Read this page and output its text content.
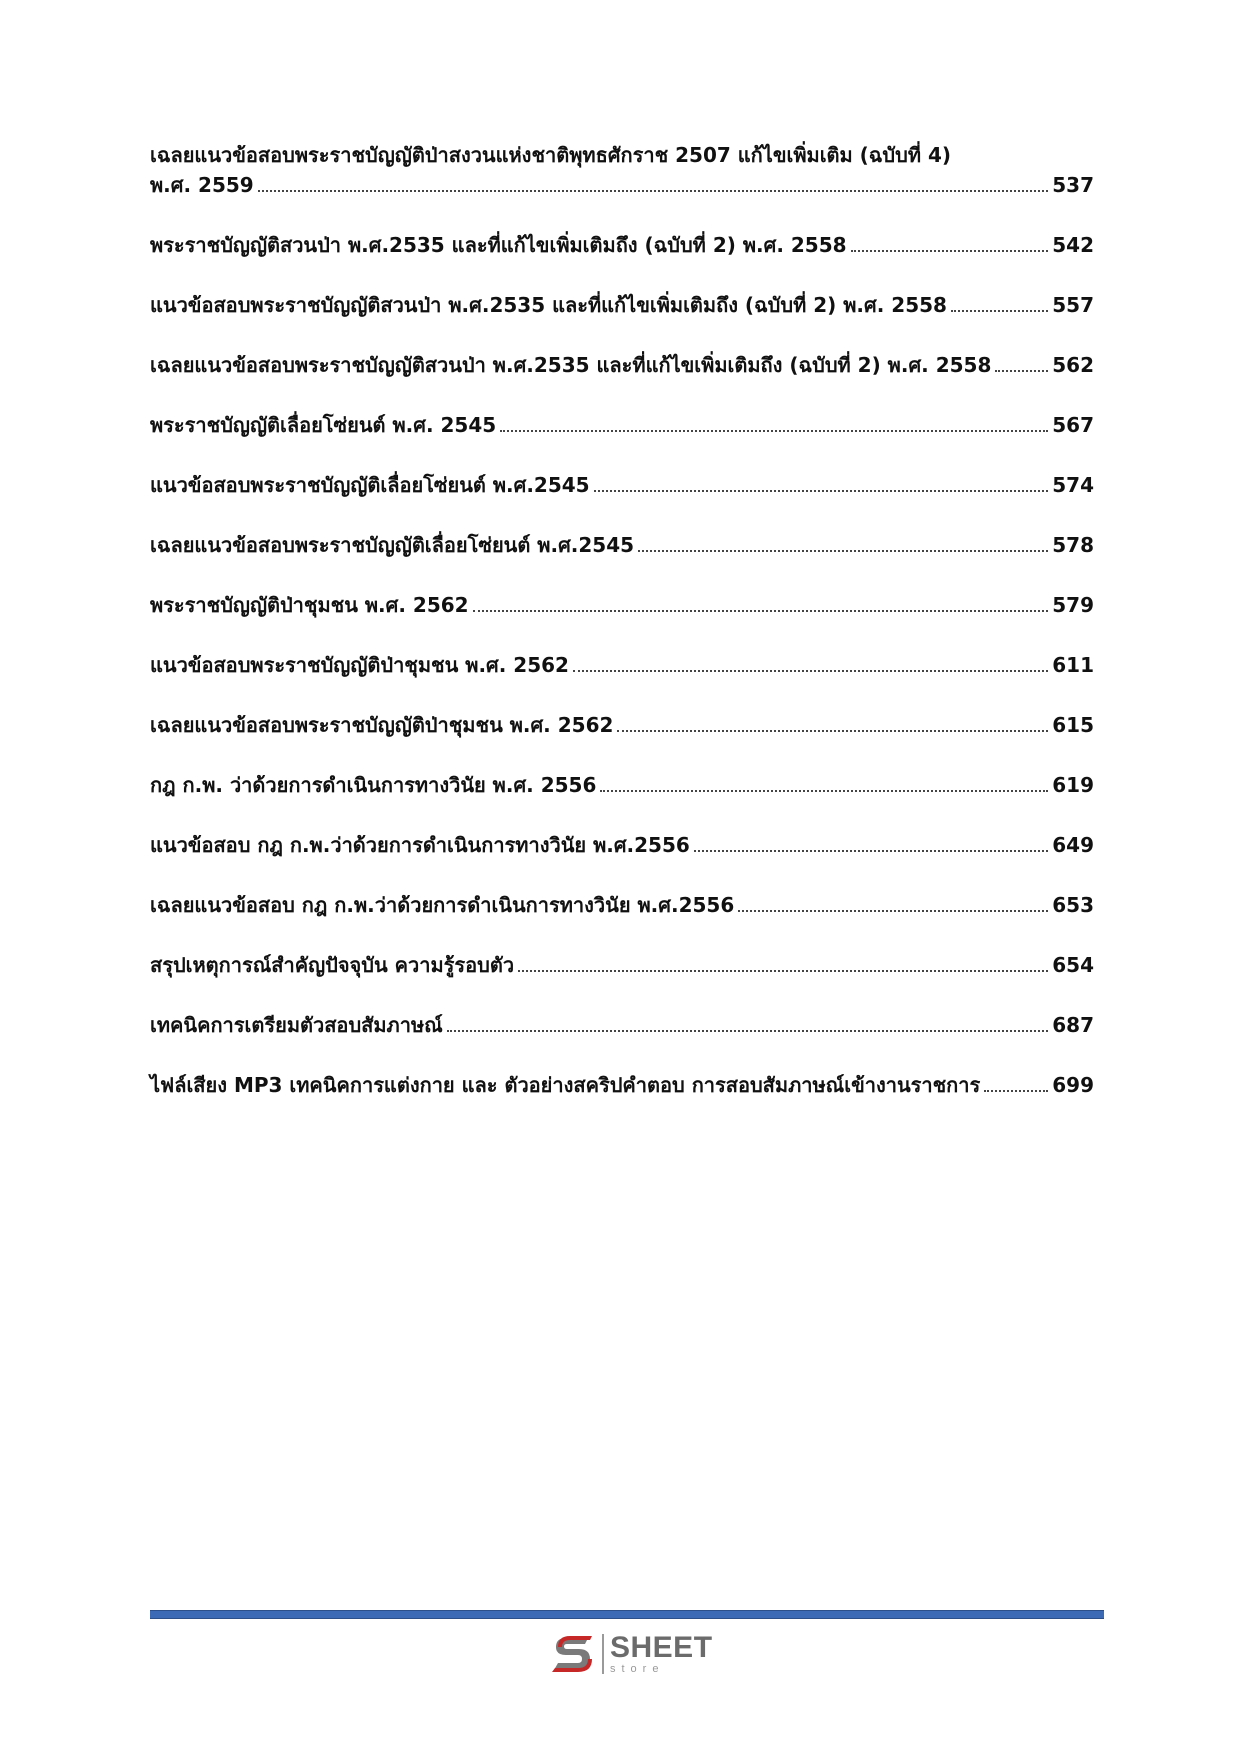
เฉลยแนวข้อสอบพระราชบัญญัติป่าสงวนแห่งชาติพุทธศักราช 2507 แก้ไขเพิ่มเติม (ฉบับที่ 4)
พ.ศ. 2559	537
พระราชบัญญัติสวนป่า พ.ศ.2535 และที่แก้ไขเพิ่มเติมถึง (ฉบับที่ 2) พ.ศ. 2558	542
แนวข้อสอบพระราชบัญญัติสวนป่า พ.ศ.2535 และที่แก้ไขเพิ่มเติมถึง (ฉบับที่ 2) พ.ศ. 2558	557
เฉลยแนวข้อสอบพระราชบัญญัติสวนป่า พ.ศ.2535 และที่แก้ไขเพิ่มเติมถึง (ฉบับที่ 2) พ.ศ. 2558	562
พระราชบัญญัติเลื่อยโซ่ยนต์ พ.ศ. 2545	567
แนวข้อสอบพระราชบัญญัติเลื่อยโซ่ยนต์ พ.ศ.2545	574
เฉลยแนวข้อสอบพระราชบัญญัติเลื่อยโซ่ยนต์ พ.ศ.2545	578
พระราชบัญญัติป่าชุมชน พ.ศ. 2562	579
แนวข้อสอบพระราชบัญญัติป่าชุมชน พ.ศ. 2562	611
เฉลยแนวข้อสอบพระราชบัญญัติป่าชุมชน พ.ศ. 2562	615
กฎ ก.พ. ว่าด้วยการดำเนินการทางวินัย พ.ศ. 2556	619
แนวข้อสอบ กฎ ก.พ.ว่าด้วยการดำเนินการทางวินัย พ.ศ.2556	649
เฉลยแนวข้อสอบ กฎ ก.พ.ว่าด้วยการดำเนินการทางวินัย พ.ศ.2556	653
สรุปเหตุการณ์สำคัญปัจจุบัน ความรู้รอบตัว	654
เทคนิคการเตรียมตัวสอบสัมภาษณ์	687
ไฟล์เสียง MP3 เทคนิคการแต่งกาย และ ตัวอย่างสคริปคำตอบ การสอบสัมภาษณ์เข้างานราชการ	699
SHEET
store
